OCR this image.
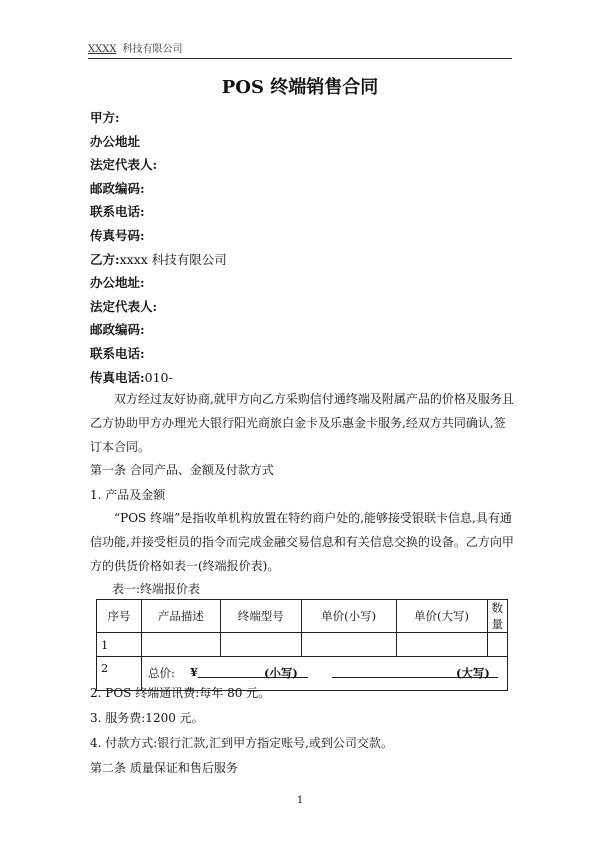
XXXX 科技有限公司
POS 终端销售合同
甲方:
办公地址
法定代表人:
邮政编码:
联系电话:
传真号码:
乙方:xxxx 科技有限公司
办公地址:
法定代表人:
邮政编码:
联系电话:
传真电话:010-
双方经过友好协商,就甲方向乙方采购信付通终端及附属产品的价格及服务且乙方协助甲方办理光大银行阳光商旅白金卡及乐惠金卡服务,经双方共同确认,签订本合同。
第一条 合同产品、金额及付款方式
1. 产品及金额
“POS 终端”是指收单机构放置在特约商户处的,能够接受银联卡信息,具有通信功能,并接受柜员的指令而完成金融交易信息和有关信息交换的设备。乙方向甲方的供货价格如表一(终端报价表)。
表一:终端报价表
序号	产品描述	终端型号	单价(小写)	单价(大写)	数量
1					
2	总价: ¥ (小写) (大写)				
2. POS 终端通讯费:每年 80 元。
3. 服务费:1200 元。
4. 付款方式:银行汇款,汇到甲方指定账号,或到公司交款。
第二条 质量保证和售后服务
1
